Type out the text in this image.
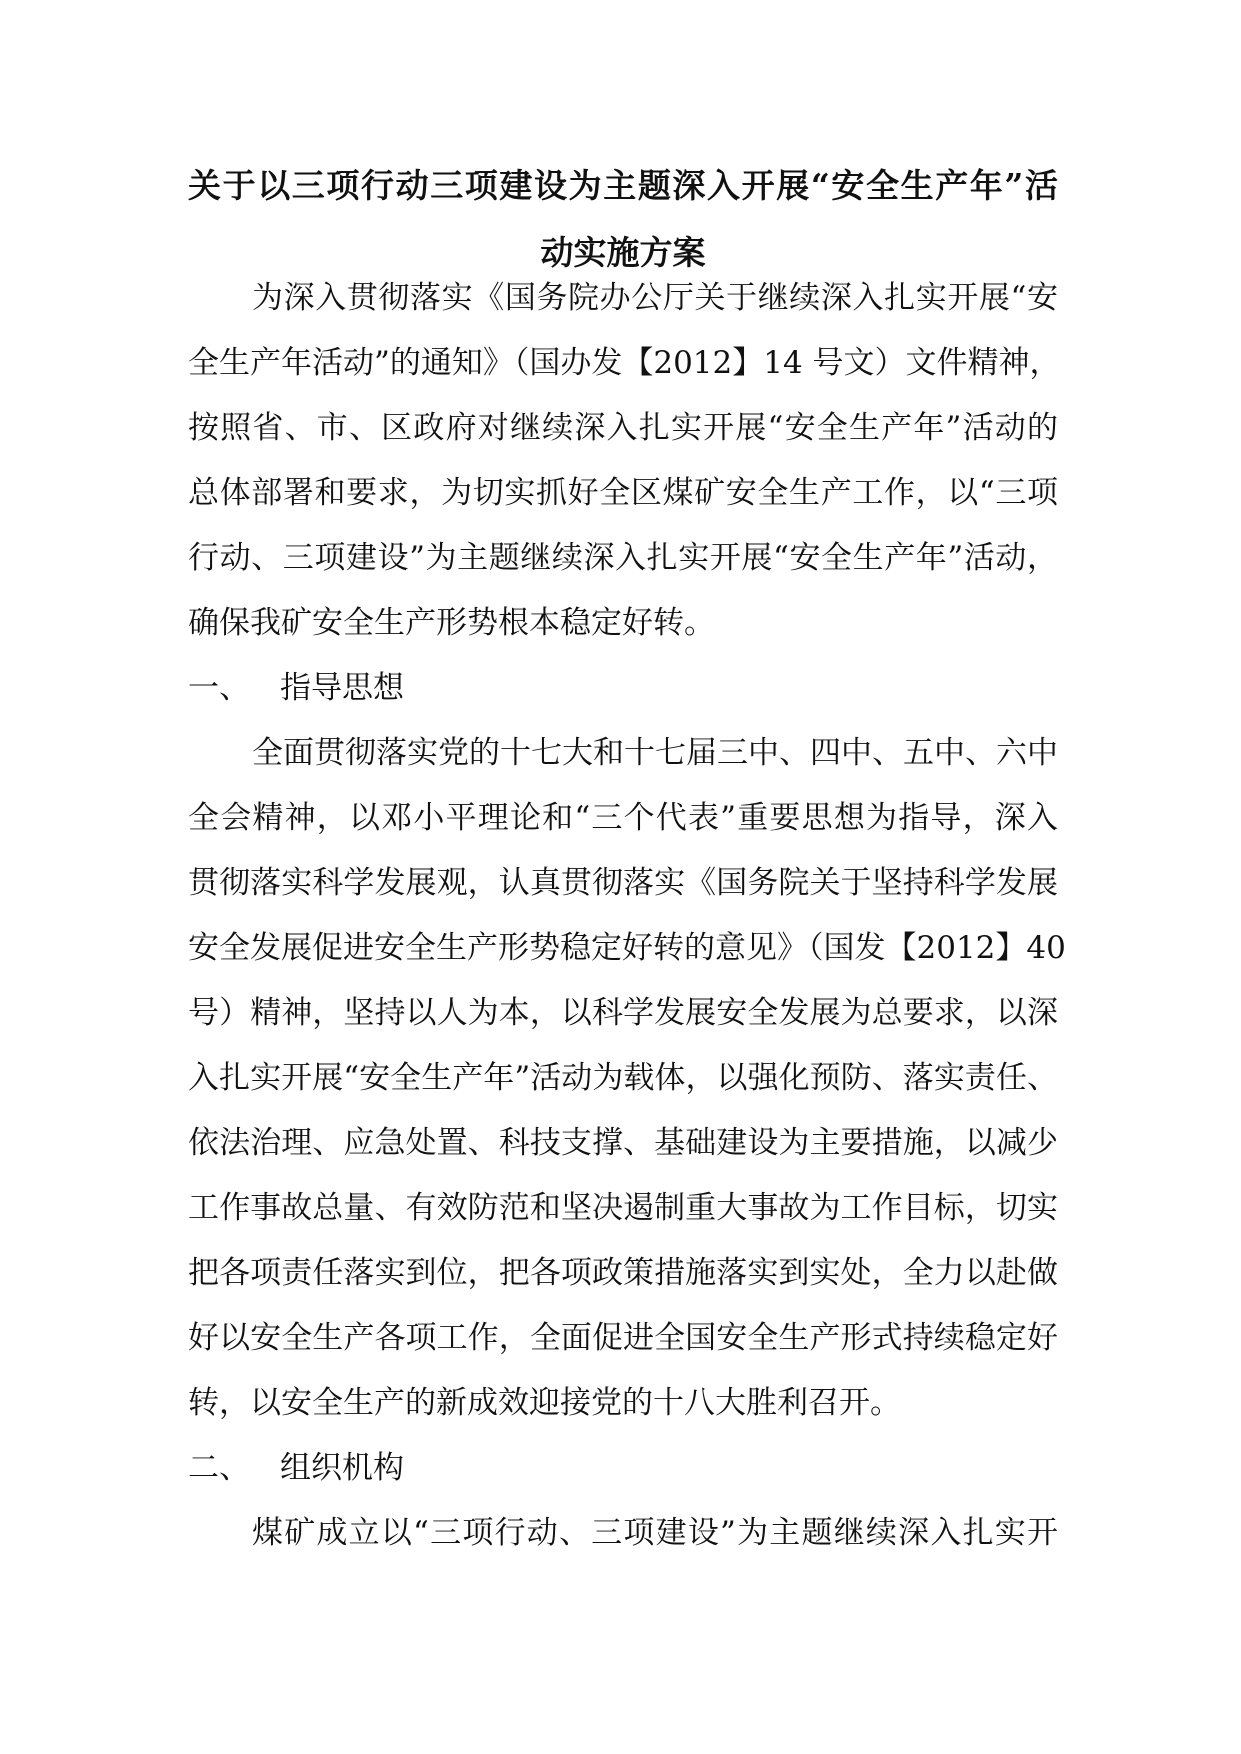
关于以三项行动三项建设为主题深入开展“安全生产年”活
动实施方案
为深入贯彻落实《国务院办公厅关于继续深入扎实开展“安
全生产年活动”的通知》（国办发【2012】14 号文）文件精神，
按照省、市、区政府对继续深入扎实开展“安全生产年”活动的
总体部署和要求，为切实抓好全区煤矿安全生产工作，以“三项
行动、三项建设”为主题继续深入扎实开展“安全生产年”活动，
确保我矿安全生产形势根本稳定好转。
一、 指导思想
全面贯彻落实党的十七大和十七届三中、四中、五中、六中
全会精神，以邓小平理论和“三个代表”重要思想为指导，深入
贯彻落实科学发展观，认真贯彻落实《国务院关于坚持科学发展
安全发展促进安全生产形势稳定好转的意见》（国发【2012】40
号）精神，坚持以人为本，以科学发展安全发展为总要求，以深
入扎实开展“安全生产年”活动为载体，以强化预防、落实责任、
依法治理、应急处置、科技支撑、基础建设为主要措施，以减少
工作事故总量、有效防范和坚决遏制重大事故为工作目标，切实
把各项责任落实到位，把各项政策措施落实到实处，全力以赴做
好以安全生产各项工作，全面促进全国安全生产形式持续稳定好
转，以安全生产的新成效迎接党的十八大胜利召开。
二、 组织机构
煤矿成立以“三项行动、三项建设”为主题继续深入扎实开
